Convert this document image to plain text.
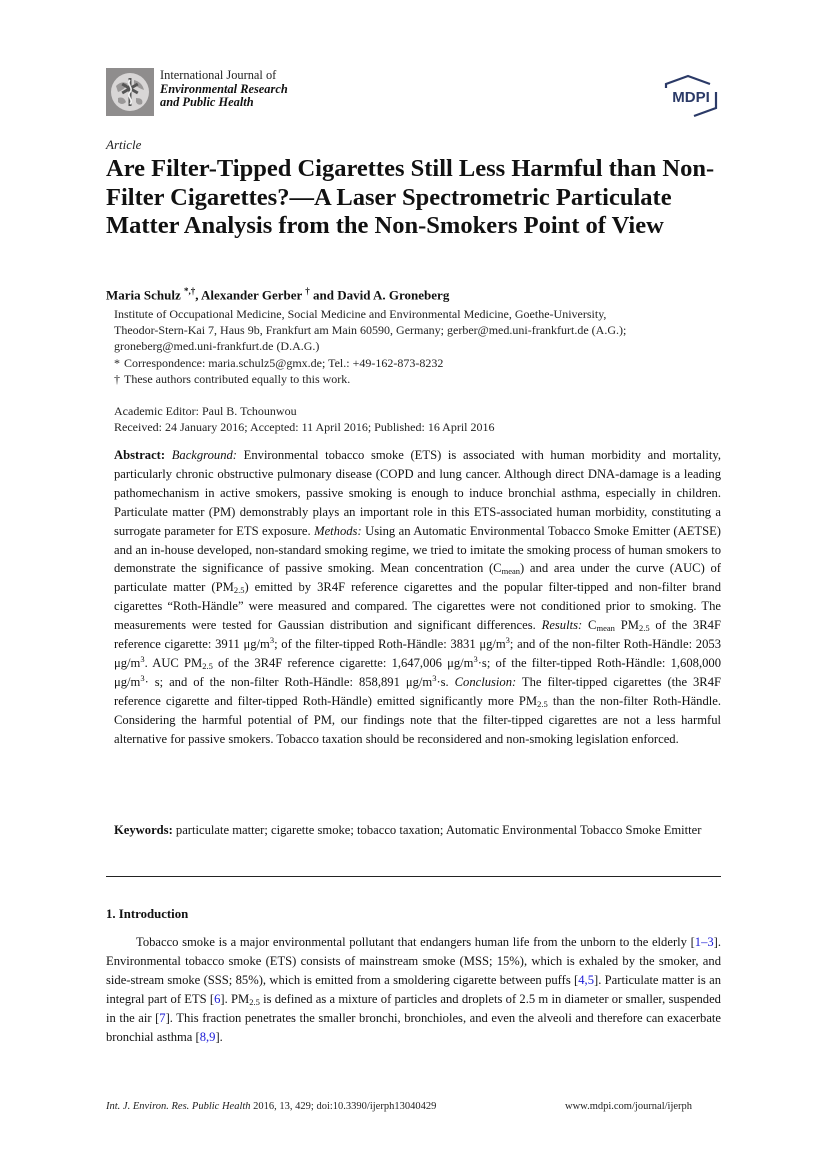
International Journal of
Environmental Research
and Public Health	MDPI
Article
Are Filter-Tipped Cigarettes Still Less Harmful than Non-Filter Cigarettes?—A Laser Spectrometric Particulate Matter Analysis from the Non-Smokers Point of View
Maria Schulz *,†, Alexander Gerber † and David A. Groneberg
Institute of Occupational Medicine, Social Medicine and Environmental Medicine, Goethe-University,
Theodor-Stern-Kai 7, Haus 9b, Frankfurt am Main 60590, Germany; gerber@med.uni-frankfurt.de (A.G.);
groneberg@med.uni-frankfurt.de (D.A.G.)
* Correspondence: maria.schulz5@gmx.de; Tel.: +49-162-873-8232
† These authors contributed equally to this work.
Academic Editor: Paul B. Tchounwou
Received: 24 January 2016; Accepted: 11 April 2016; Published: 16 April 2016
Abstract: Background: Environmental tobacco smoke (ETS) is associated with human morbidity and mortality, particularly chronic obstructive pulmonary disease (COPD and lung cancer. Although direct DNA-damage is a leading pathomechanism in active smokers, passive smoking is enough to induce bronchial asthma, especially in children. Particulate matter (PM) demonstrably plays an important role in this ETS-associated human morbidity, constituting a surrogate parameter for ETS exposure. Methods: Using an Automatic Environmental Tobacco Smoke Emitter (AETSE) and an in-house developed, non-standard smoking regime, we tried to imitate the smoking process of human smokers to demonstrate the significance of passive smoking. Mean concentration $(C_{mean})$ and area under the curve (AUC) of particulate matter $(PM_{2.5})$ emitted by 3R4F reference cigarettes and the popular filter-tipped and non-filter brand cigarettes “Roth-Händle” were measured and compared. The cigarettes were not conditioned prior to smoking. The measurements were tested for Gaussian distribution and significant differences. Results: $C_{mean}$ $PM_{2.5}$ of the 3R4F reference cigarette: 3911 $\mu g/m^3$; of the filter-tipped Roth-Händle: 3831 $\mu g/m^3$; and of the non-filter Roth-Händle: 2053 $\mu g/m^3$. AUC $PM_{2.5}$ of the 3R4F reference cigarette: 1,647,006 $\mu g/m^3\cdot s$; of the filter-tipped Roth-Händle: 1,608,000 $\mu g/m^3\cdot s$; and of the non-filter Roth-Händle: 858,891 $\mu g/m^3\cdot s$. Conclusion: The filter-tipped cigarettes (the 3R4F reference cigarette and filter-tipped Roth-Händle) emitted significantly more $PM_{2.5}$ than the non-filter Roth-Händle. Considering the harmful potential of PM, our findings note that the filter-tipped cigarettes are not a less harmful alternative for passive smokers. Tobacco taxation should be reconsidered and non-smoking legislation enforced.
Keywords: particulate matter; cigarette smoke; tobacco taxation; Automatic Environmental Tobacco Smoke Emitter
1. Introduction

Tobacco smoke is a major environmental pollutant that endangers human life from the unborn to the elderly [1–3]. Environmental tobacco smoke (ETS) consists of mainstream smoke (MSS; 15%), which is exhaled by the smoker, and side-stream smoke (SSS; 85%), which is emitted from a smoldering cigarette between puffs [4,5]. Particulate matter is an integral part of ETS [6]. $PM_{2.5}$ is defined as a mixture of particles and droplets of 2.5 m in diameter or smaller, suspended in the air [7]. This fraction penetrates the smaller bronchi, bronchioles, and even the alveoli and therefore can exacerbate bronchial asthma [8,9].

Int. J. Environ. Res. Public Health 2016, 13, 429; doi:10.3390/ijerph13040429	www.mdpi.com/journal/ijerph
